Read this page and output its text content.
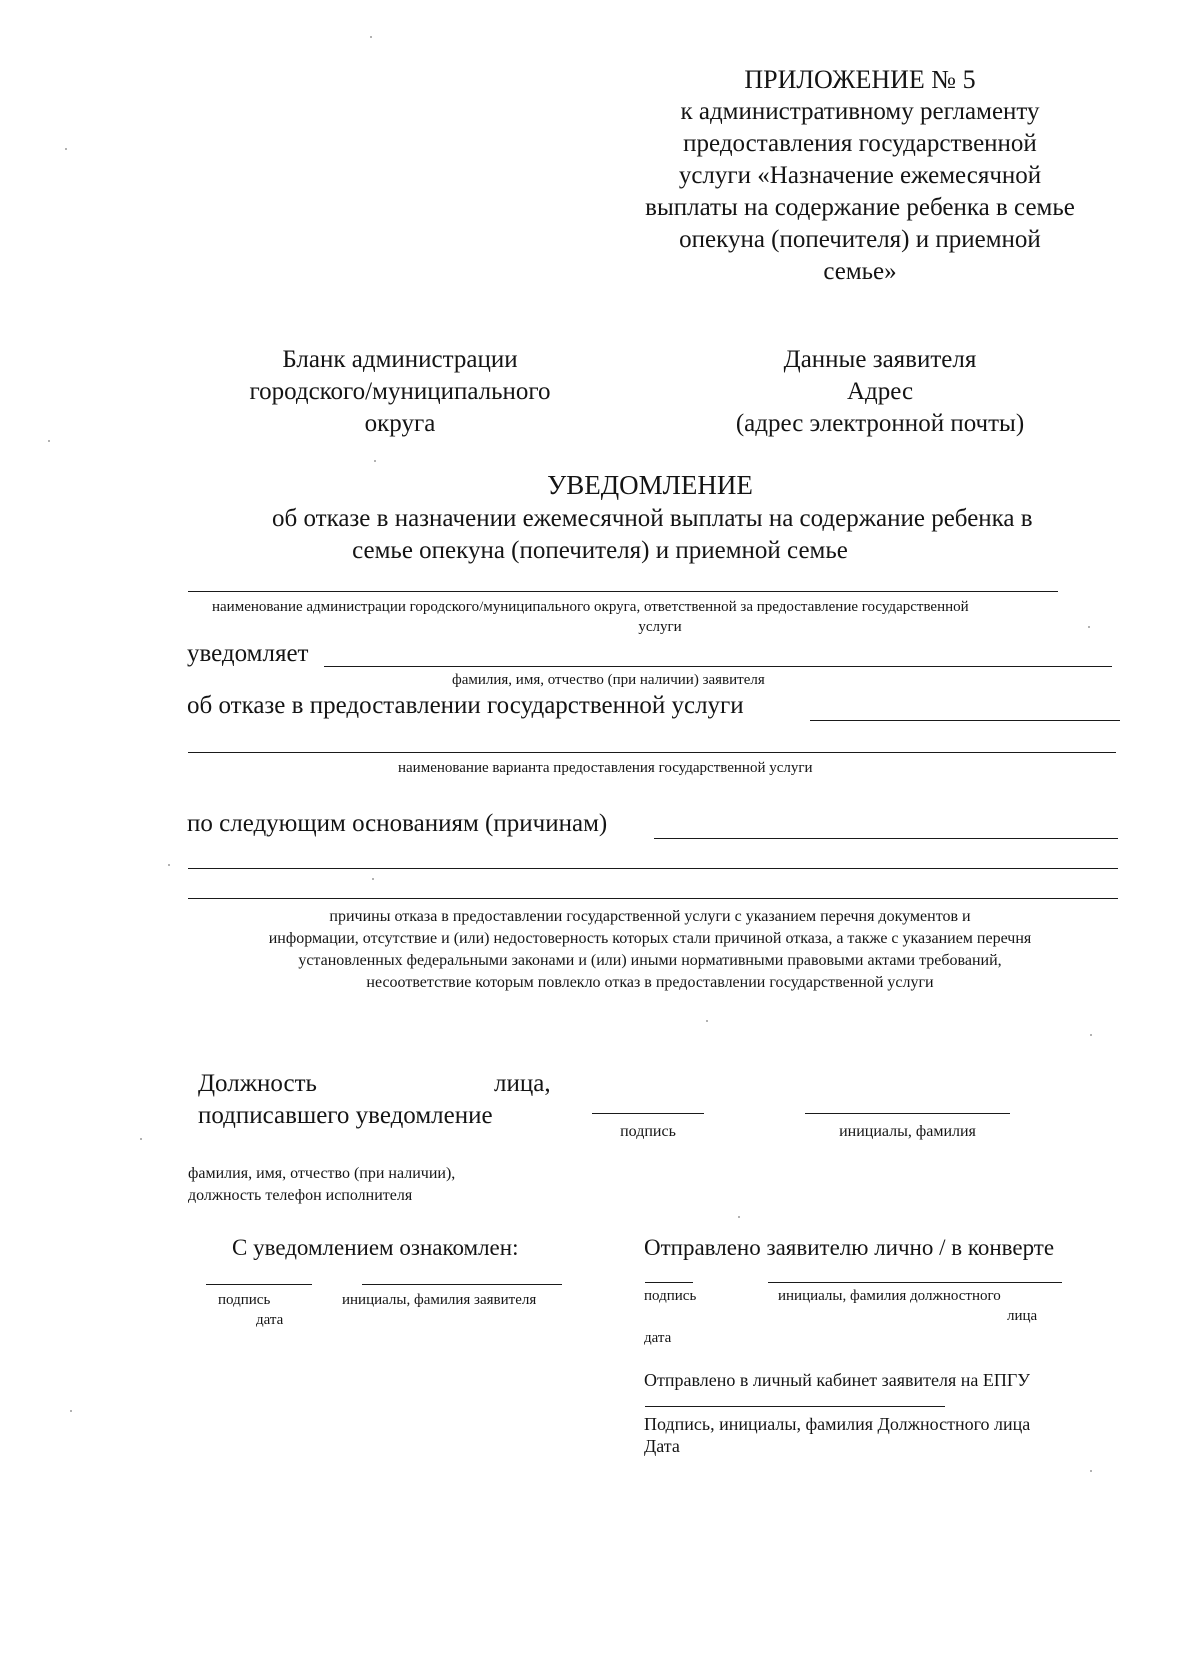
ПРИЛОЖЕНИЕ № 5
к административному регламенту
предоставления государственной
услуги «Назначение ежемесячной
выплаты на содержание ребенка в семье
опекуна (попечителя) и приемной
семье»
Бланк администрации
городского/муниципального
округа
Данные заявителя
Адрес
(адрес электронной почты)
УВЕДОМЛЕНИЕ
об отказе в назначении ежемесячной выплаты на содержание ребенка в
семье опекуна (попечителя) и приемной семье
наименование администрации городского/муниципального округа, ответственной за предоставление государственной
услуги
уведомляет
фамилия, имя, отчество (при наличии) заявителя
об отказе в предоставлении государственной услуги
наименование варианта предоставления государственной услуги
по следующим основаниям (причинам)
причины отказа в предоставлении государственной услуги с указанием перечня документов и
информации, отсутствие и (или) недостоверность которых стали причиной отказа, а также с указанием перечня
установленных федеральными законами и (или) иными нормативными правовыми актами требований,
несоответствие которым повлекло отказ в предоставлении государственной услуги
Должность	лица,
подписавшего уведомление
подпись	инициалы, фамилия
фамилия, имя, отчество (при наличии),
должность телефон исполнителя
С уведомлением ознакомлен:
подпись	инициалы, фамилия заявителя
дата
Отправлено заявителю лично / в конверте
подпись	инициалы, фамилия должностного
лица
дата
Отправлено в личный кабинет заявителя на ЕПГУ
Подпись, инициалы, фамилия Должностного лица
Дата
